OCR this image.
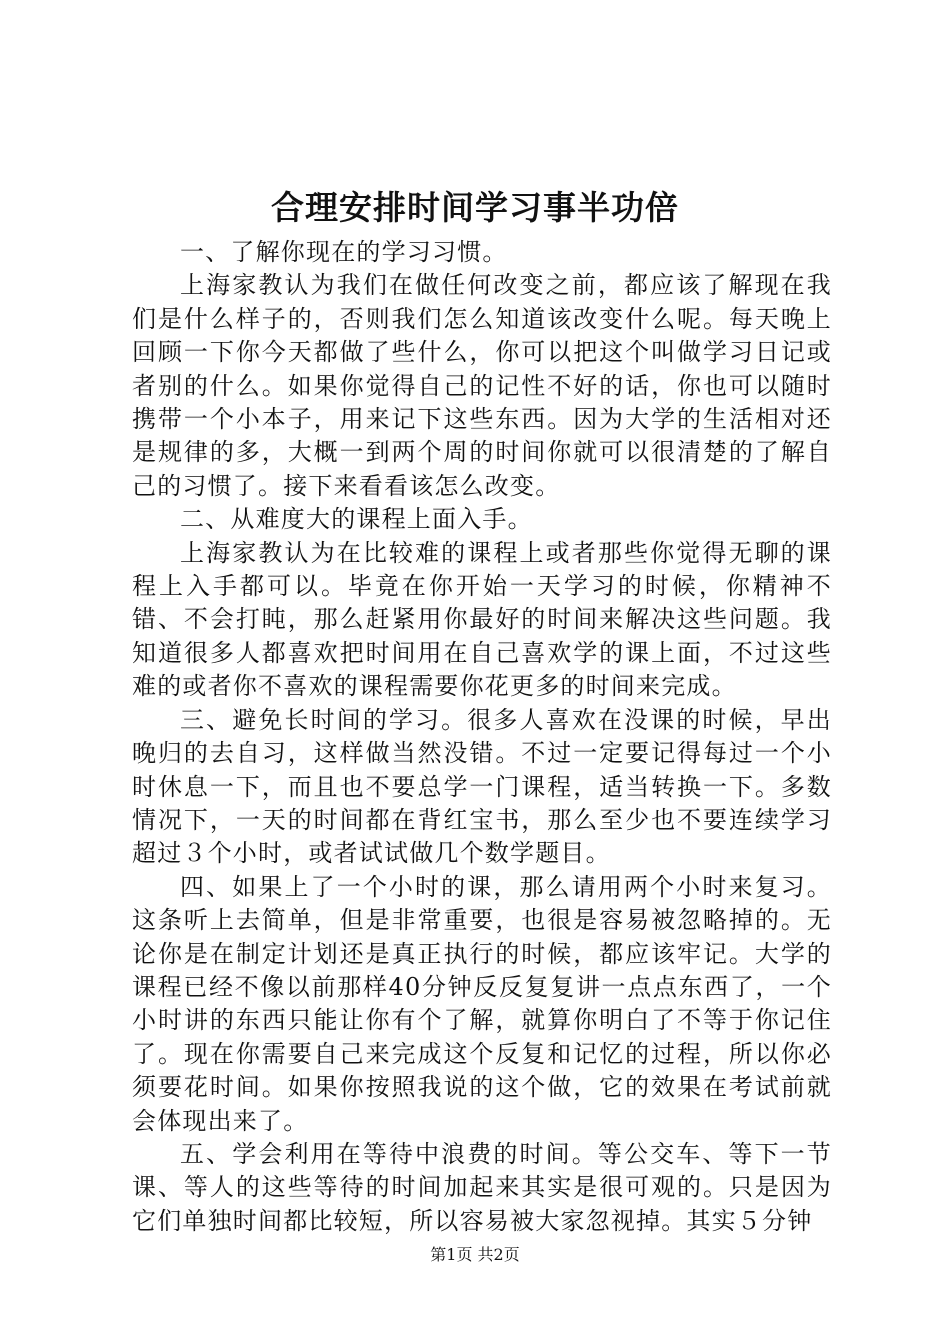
合理安排时间学习事半功倍

一、了解你现在的学习习惯。

上海家教认为我们在做任何改变之前，都应该了解现在我们是什么样子的，否则我们怎么知道该改变什么呢。每天晚上回顾一下你今天都做了些什么，你可以把这个叫做学习日记或者别的什么。如果你觉得自己的记性不好的话，你也可以随时携带一个小本子，用来记下这些东西。因为大学的生活相对还是规律的多，大概一到两个周的时间你就可以很清楚的了解自己的习惯了。接下来看看该怎么改变。

二、从难度大的课程上面入手。

上海家教认为在比较难的课程上或者那些你觉得无聊的课程上入手都可以。毕竟在你开始一天学习的时候，你精神不错、不会打盹，那么赶紧用你最好的时间来解决这些问题。我知道很多人都喜欢把时间用在自己喜欢学的课上面，不过这些难的或者你不喜欢的课程需要你花更多的时间来完成。

三、避免长时间的学习。很多人喜欢在没课的时候，早出晚归的去自习，这样做当然没错。不过一定要记得每过一个小时休息一下，而且也不要总学一门课程，适当转换一下。多数情况下，一天的时间都在背红宝书，那么至少也不要连续学习超过３个小时，或者试试做几个数学题目。

四、如果上了一个小时的课，那么请用两个小时来复习。这条听上去简单，但是非常重要，也很是容易被忽略掉的。无论你是在制定计划还是真正执行的时候，都应该牢记。大学的课程已经不像以前那样40分钟反反复复讲一点点东西了，一个小时讲的东西只能让你有个了解，就算你明白了不等于你记住了。现在你需要自己来完成这个反复和记忆的过程，所以你必须要花时间。如果你按照我说的这个做，它的效果在考试前就会体现出来了。

五、学会利用在等待中浪费的时间。等公交车、等下一节课、等人的这些等待的时间加起来其实是很可观的。只是因为它们单独时间都比较短，所以容易被大家忽视掉。其实５分钟

第1页 共2页
